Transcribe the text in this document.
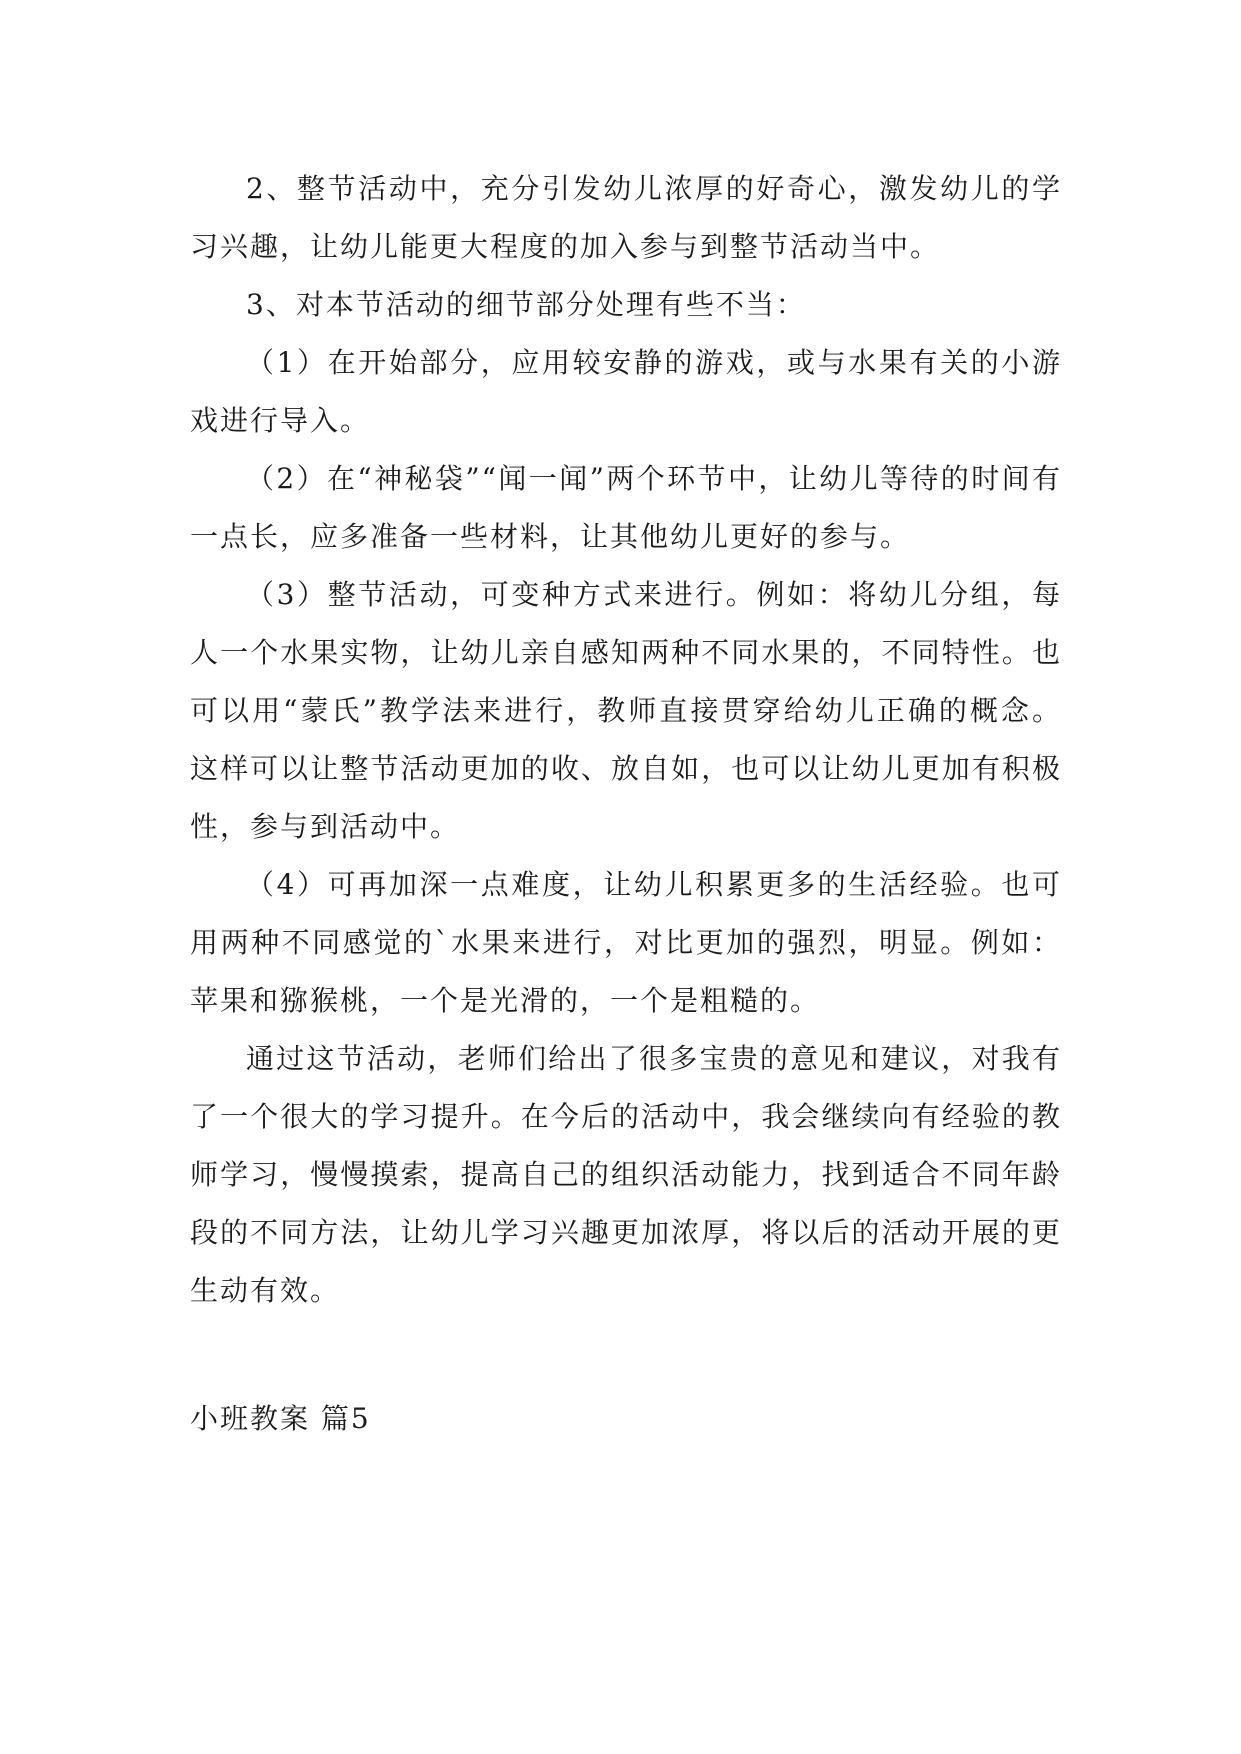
2、整节活动中，充分引发幼儿浓厚的好奇心，激发幼儿的学习兴趣，让幼儿能更大程度的加入参与到整节活动当中。

3、对本节活动的细节部分处理有些不当：

（1）在开始部分，应用较安静的游戏，或与水果有关的小游戏进行导入。

（2）在“神秘袋”“闻一闻”两个环节中，让幼儿等待的时间有一点长，应多准备一些材料，让其他幼儿更好的参与。

（3）整节活动，可变种方式来进行。例如：将幼儿分组，每人一个水果实物，让幼儿亲自感知两种不同水果的，不同特性。也可以用“蒙氏”教学法来进行，教师直接贯穿给幼儿正确的概念。这样可以让整节活动更加的收、放自如，也可以让幼儿更加有积极性，参与到活动中。

（4）可再加深一点难度，让幼儿积累更多的生活经验。也可用两种不同感觉的`水果来进行，对比更加的强烈，明显。例如：苹果和猕猴桃，一个是光滑的，一个是粗糙的。

通过这节活动，老师们给出了很多宝贵的意见和建议，对我有了一个很大的学习提升。在今后的活动中，我会继续向有经验的教师学习，慢慢摸索，提高自己的组织活动能力，找到适合不同年龄段的不同方法，让幼儿学习兴趣更加浓厚，将以后的活动开展的更生动有效。

小班教案 篇5
